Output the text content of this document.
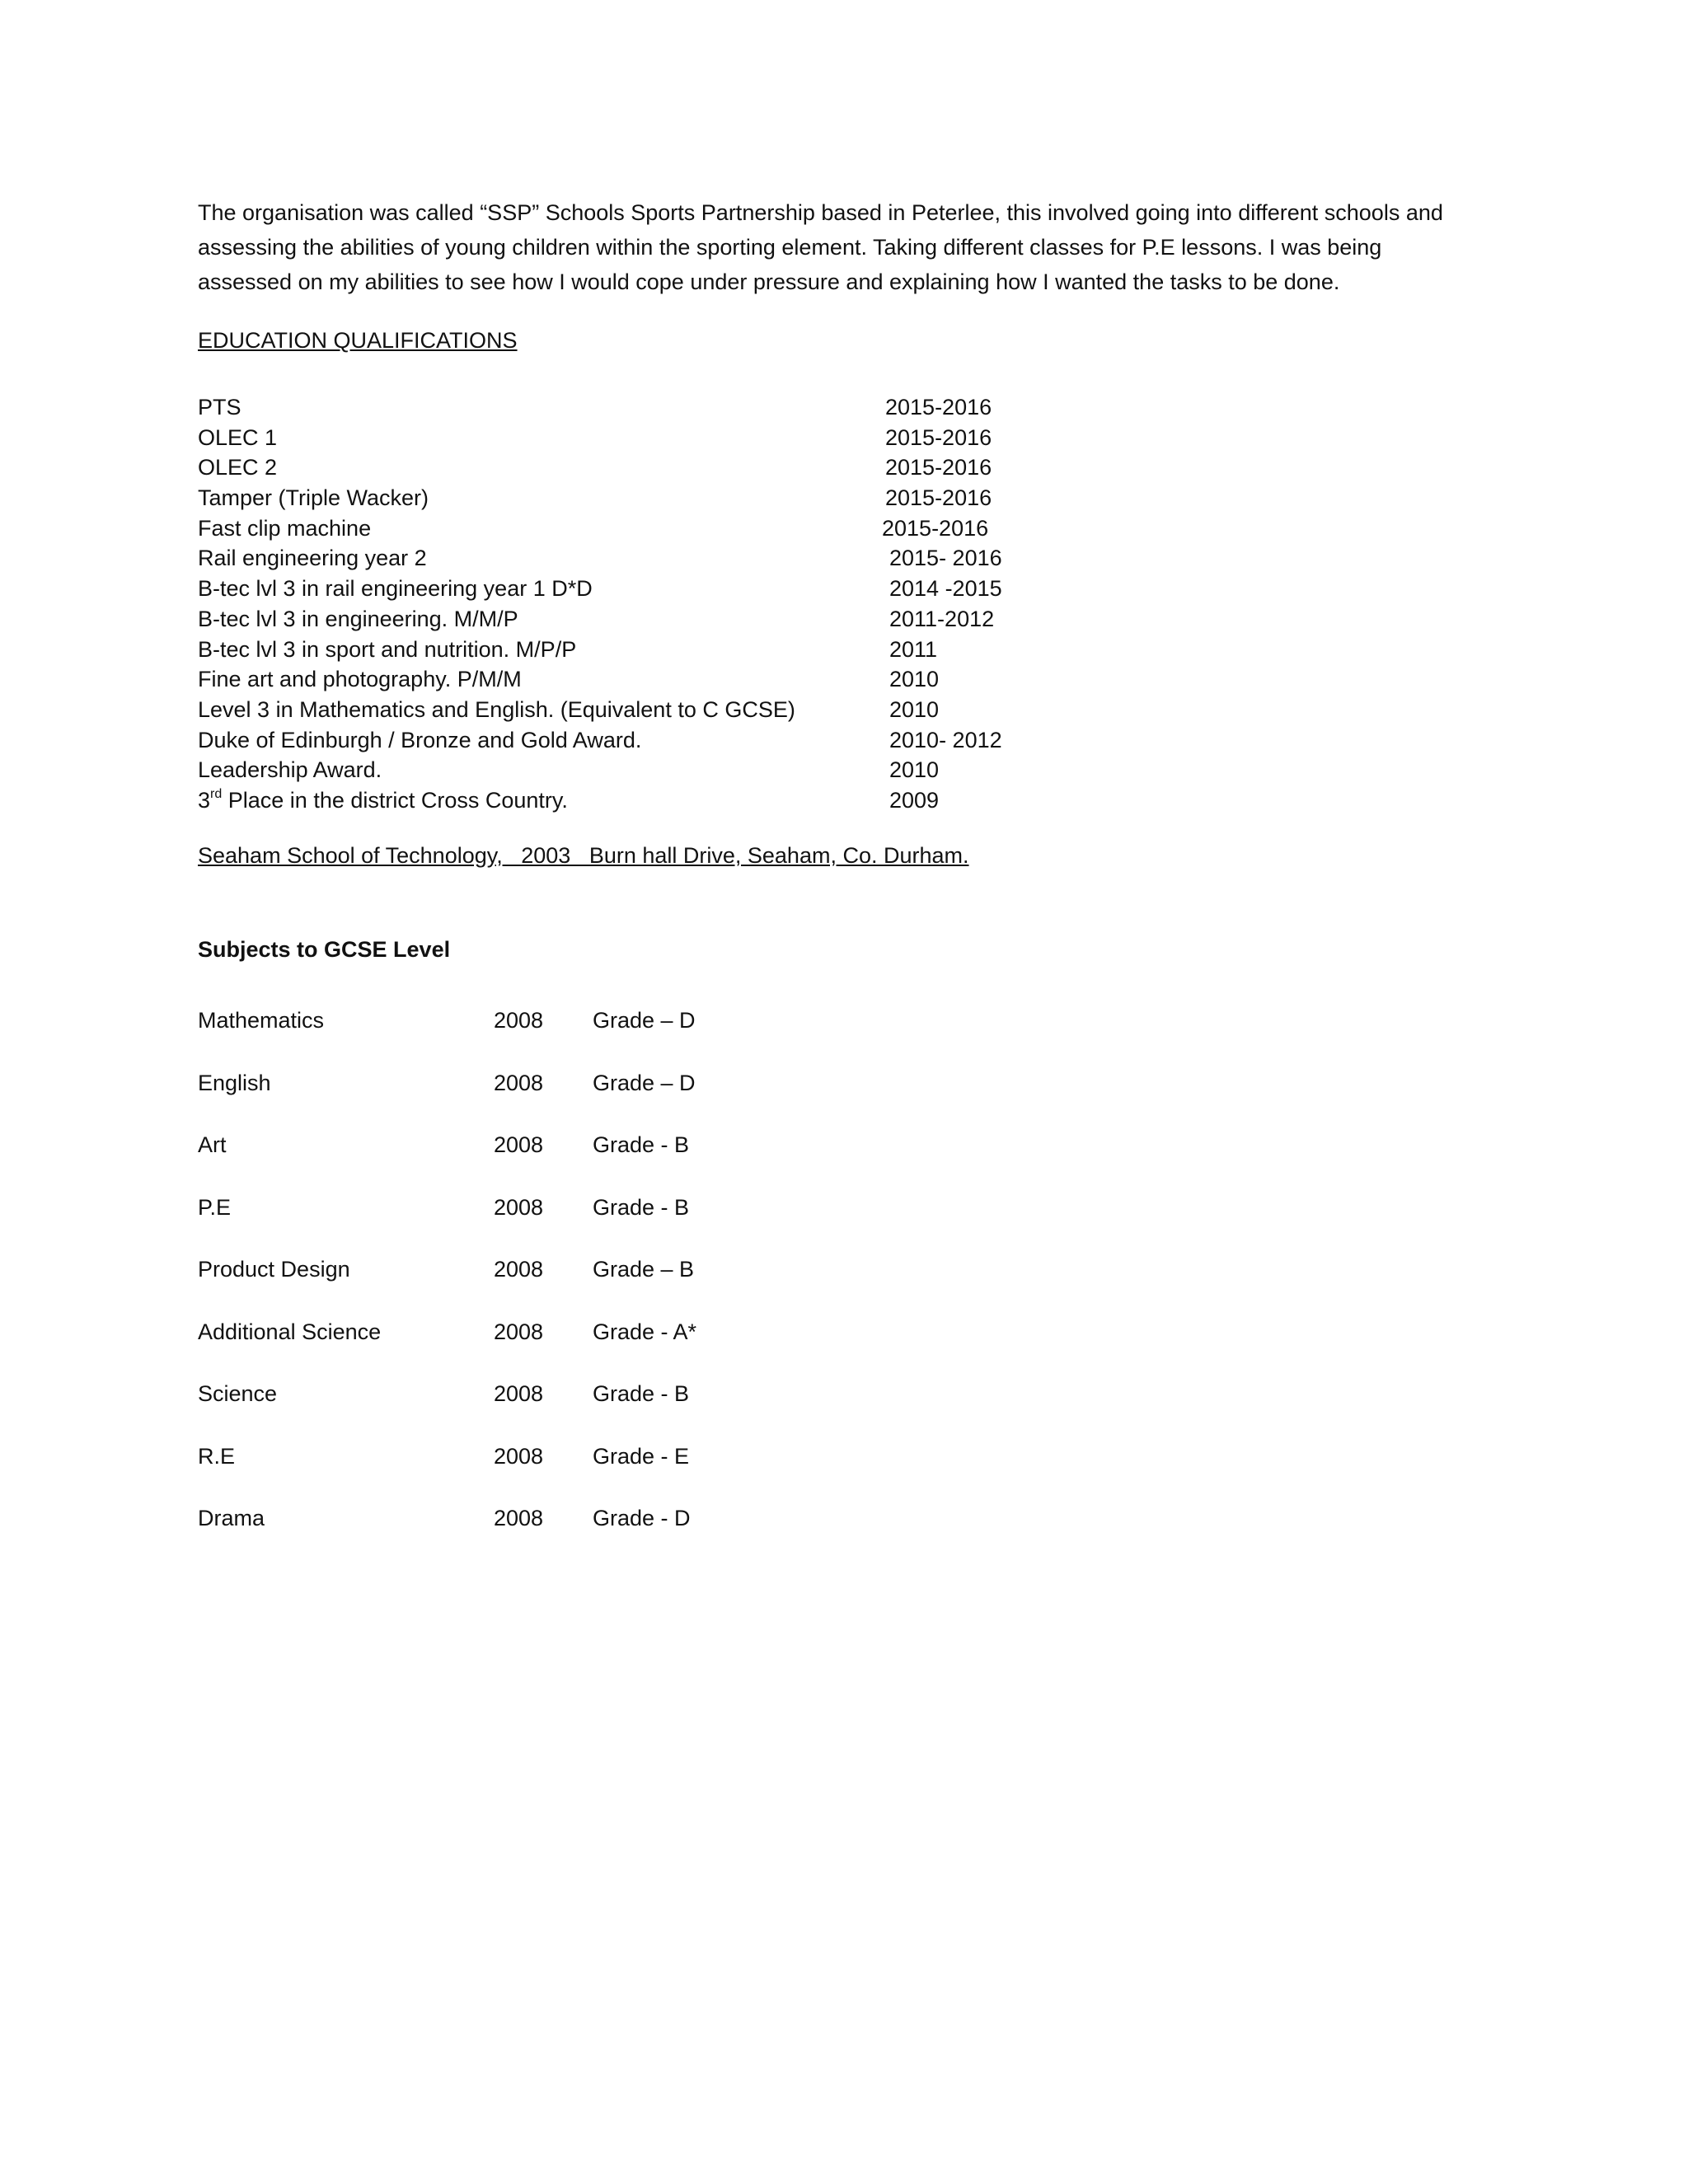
The organisation was called “SSP” Schools Sports Partnership based in Peterlee, this involved going into different schools and
assessing the abilities of young children within the sporting element. Taking different classes for P.E lessons. I was being
assessed on my abilities to see how I would cope under pressure and explaining how I wanted the tasks to be done.

EDUCATION QUALIFICATIONS
PTS	2015-2016
OLEC 1	2015-2016
OLEC 2	2015-2016
Tamper (Triple Wacker)	2015-2016
Fast clip machine	2015-2016
Rail engineering year 2	2015- 2016
B-tec lvl 3 in rail engineering year 1 D*D	2014 -2015
B-tec lvl 3 in engineering. M/M/P	2011-2012
B-tec lvl 3 in sport and nutrition. M/P/P	2011
Fine art and photography. P/M/M	2010
Level 3 in Mathematics and English. (Equivalent to C GCSE)	2010
Duke of Edinburgh / Bronze and Gold Award.	2010- 2012
Leadership Award.	2010
3rd Place in the district Cross Country.	2009
Seaham School of Technology,   2003   Burn hall Drive, Seaham, Co. Durham.
Subjects to GCSE Level
Mathematics	2008 Grade – D
English	2008 Grade – D
Art	2008 Grade - B
P.E	2008 Grade - B
Product Design	2008 Grade – B
Additional Science	2008 Grade - A*
Science	2008 Grade - B
R.E	2008 Grade - E
Drama	2008 Grade - D
